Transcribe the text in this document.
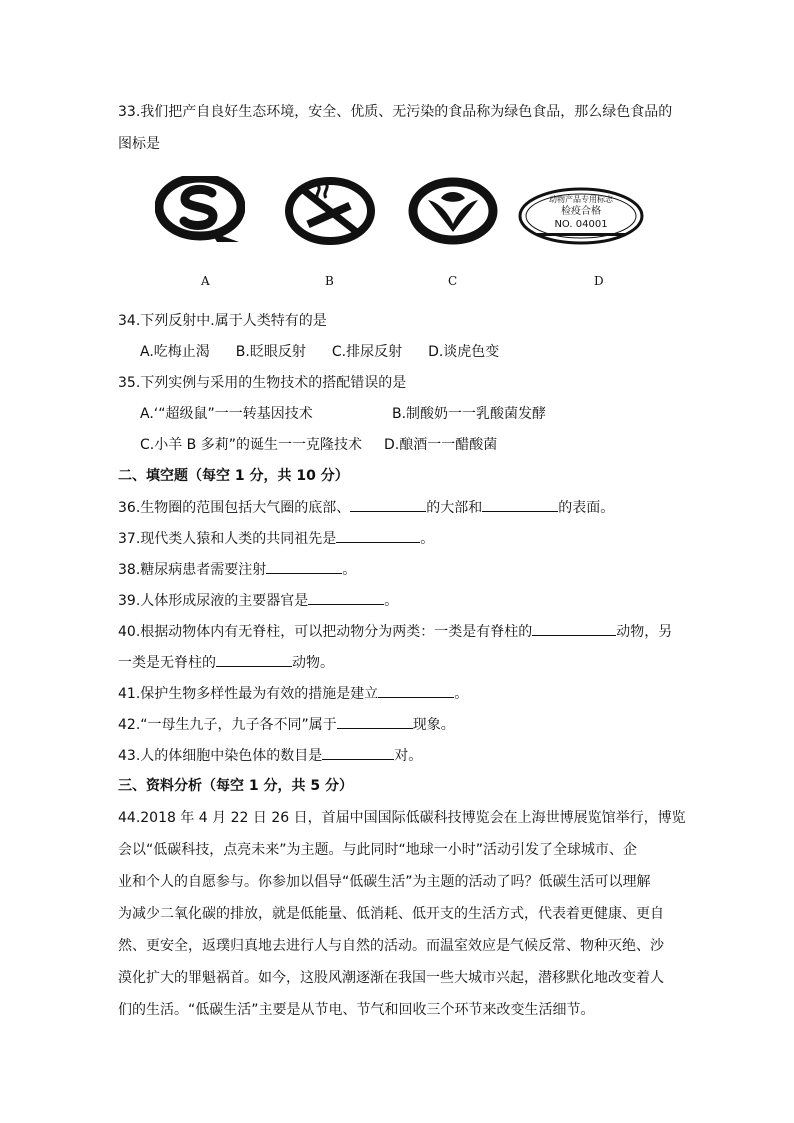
33.我们把产自良好生态环境，安全、优质、无污染的食品称为绿色食品，那么绿色食品的
图标是
动物产品专用标志
检疫合格
NO. 04001
A	B	C	D
34.下列反射中.属于人类特有的是
A.吃梅止渴 B.眨眼反射 C.排尿反射 D.谈虎色变
35.下列实例与采用的生物技术的搭配错误的是
A.‘“超级鼠”一一转基因技术	B.制酸奶一一乳酸菌发酵
C.小羊 B 多莉”的诞生一一克隆技术 D.酿酒一一醋酸菌
二、填空题（每空 1 分，共 10 分）
36.生物圈的范围包括大气圈的底部、	的大部和	的表面。
37.现代类人猿和人类的共同祖先是	。
38.糖尿病患者需要注射	。
39.人体形成尿液的主要器官是	。
40.根据动物体内有无脊柱，可以把动物分为两类：一类是有脊柱的	动物，另
一类是无脊柱的	动物。
41.保护生物多样性最为有效的措施是建立	。
42.“一母生九子，九子各不同”属于	现象。
43.人的体细胞中染色体的数目是	对。
三、资料分析（每空 1 分，共 5 分）
44.2018 年 4 月 22 日 26 日，首届中国国际低碳科技博览会在上海世博展览馆举行，博览
会以“低碳科技，点亮未来”为主题。与此同时“地球一小时”活动引发了全球城市、企
业和个人的自愿参与。你参加以倡导“低碳生活”为主题的活动了吗？低碳生活可以理解
为减少二氧化碳的排放，就是低能量、低消耗、低开支的生活方式，代表着更健康、更自
然、更安全，返璞归真地去进行人与自然的活动。而温室效应是气候反常、物种灭绝、沙
漠化扩大的罪魁祸首。如今，这股风潮逐渐在我国一些大城市兴起，潜移默化地改变着人
们的生活。“低碳生活”主要是从节电、节气和回收三个环节来改变生活细节。
